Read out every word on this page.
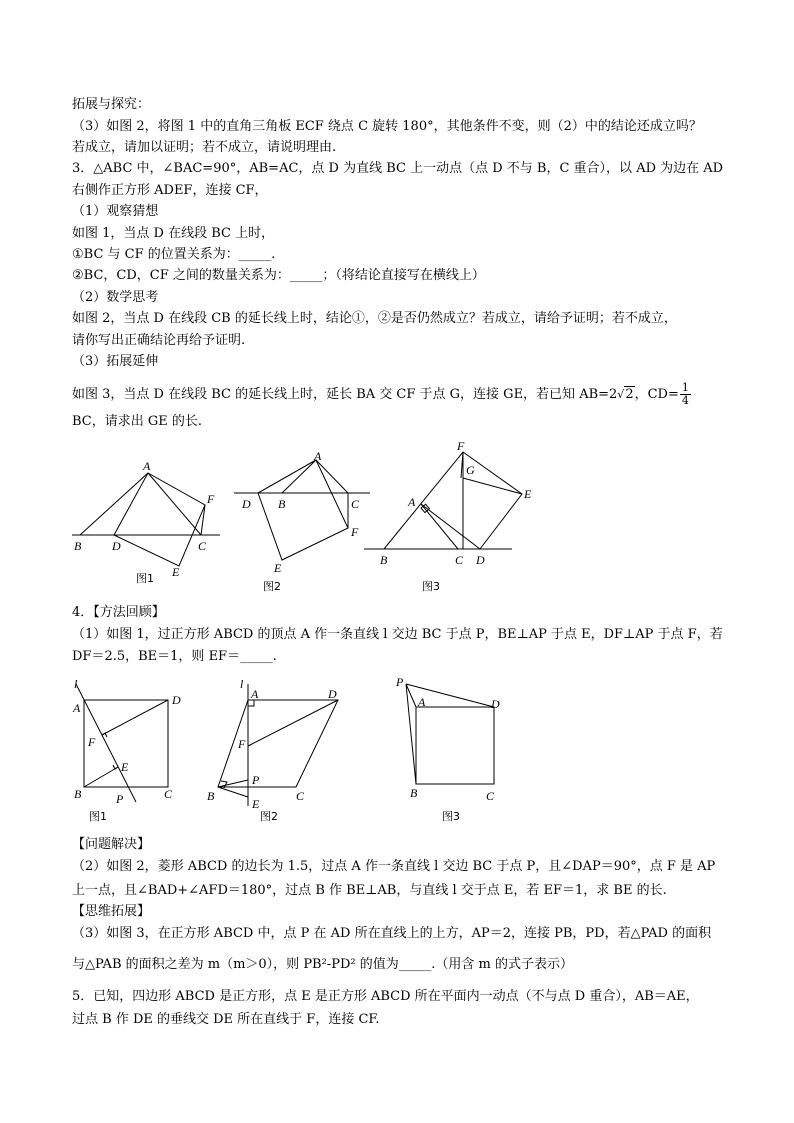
拓展与探究：
（3）如图 2，将图 1 中的直角三角板 ECF 绕点 C 旋转 180°，其他条件不变，则（2）中的结论还成立吗？
若成立，请加以证明；若不成立，请说明理由.
3．△ABC 中，∠BAC=90°，AB=AC，点 D 为直线 BC 上一动点（点 D 不与 B，C 重合），以 AD 为边在 AD
右侧作正方形 ADEF，连接 CF，
（1）观察猜想
如图 1，当点 D 在线段 BC 上时，
①BC 与 CF 的位置关系为：_____.
②BC，CD，CF 之间的数量关系为：_____；（将结论直接写在横线上）
（2）数学思考
如图 2，当点 D 在线段 CB 的延长线上时，结论①，②是否仍然成立？若成立，请给予证明；若不成立，
请你写出正确结论再给予证明.
（3）拓展延伸
如图 3，当点 D 在线段 BC 的延长线上时，延长 BA 交 CF 于点 G，连接 GE，若已知 AB=2√2，$CD= \frac{1}{4}$
BC，请求出 GE 的长.
A
B	D	C
E
F
图1
A
D B	C
F
E
图2
F
G
E
A
B	C D
图3
4．【方法回顾】
（1）如图 1，过正方形 ABCD 的顶点 A 作一条直线 l 交边 BC 于点 P，BE⊥AP 于点 E，DF⊥AP 于点 F，若
DF＝2.5，BE＝1，则 EF＝_____.
l
A
D
F
E
B	P	C
图1
l
A	D
F
P
B
E
C
图2
P
A	D
B	C
图3
【问题解决】
（2）如图 2，菱形 ABCD 的边长为 1.5，过点 A 作一条直线 l 交边 BC 于点 P，且∠DAP＝90°，点 F 是 AP
上一点，且∠BAD+∠AFD＝180°，过点 B 作 BE⊥AB，与直线 l 交于点 E，若 EF＝1，求 BE 的长.
【思维拓展】
（3）如图 3，在正方形 ABCD 中，点 P 在 AD 所在直线上的上方，AP＝2，连接 PB，PD，若△PAD 的面积
与△PAB 的面积之差为 m（m＞0），则 PB²-PD² 的值为_____.（用含 m 的式子表示）
5．已知，四边形 ABCD 是正方形，点 E 是正方形 ABCD 所在平面内一动点（不与点 D 重合），AB＝AE，
过点 B 作 DE 的垂线交 DE 所在直线于 F，连接 CF.
